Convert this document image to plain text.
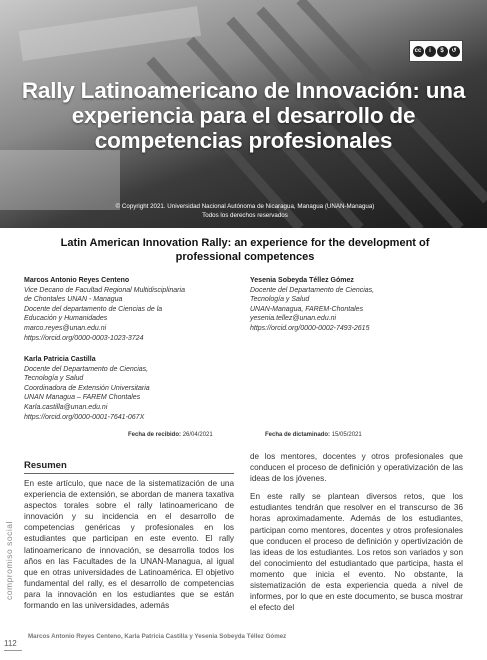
cc	i	$	↺
Rally Latinoamericano de Innovación: una experiencia para el desarrollo de competencias profesionales
© Copyright 2021. Universidad Nacional Autónoma de Nicaragua, Managua (UNAN-Managua)
Todos los derechos reservados
Latin American Innovation Rally: an experience for the development of professional competences
Marcos Antonio Reyes Centeno
Vice Decano de Facultad Regional Multidisciplinaria
de Chontales UNAN - Managua
Docente del departamento de Ciencias de la
Educación y Humanidades
marco.reyes@unan.edu.ni
https://orcid.org/0000-0003-1023-3724
Yesenia Sobeyda Téllez Gómez
Docente del Departamento de Ciencias,
Tecnología y Salud
UNAN-Managua, FAREM-Chontales
yesenia.tellez@unan.edu.ni
https://orcid.org/0000-0002-7493-2615
Karla Patricia Castilla
Docente del Departamento de Ciencias,
Tecnología y Salud
Coordinadora de Extensión Universitaria
UNAN Managua – FAREM Chontales
Karla.castilla@unan.edu.ni
https://orcid.org/0000-0001-7641-067X
Fecha de recibido: 26/04/2021	Fecha de dictaminado: 15/05/2021
Resumen

En este artículo, que nace de la sistematización de una experiencia de extensión, se abordan de manera taxativa aspectos torales sobre el rally latinoamericano de innovación y su incidencia en el desarrollo de competencias genéricas y profesionales en los estudiantes que participan en este evento. El rally latinoamericano de innovación, se desarrolla todos los años en las Facultades de la UNAN-Managua, al igual que en otras universidades de Latinoamérica. El objetivo fundamental del rally, es el desarrollo de competencias para la innovación en los estudiantes que se están formando en las universidades, además

de los mentores, docentes y otros profesionales que conducen el proceso de definición y operativización de las ideas de los jóvenes.

En este rally se plantean diversos retos, que los estudiantes tendrán que resolver en el transcurso de 36 horas aproximadamente. Además de los estudiantes, participan como mentores, docentes y otros profesionales que conducen el proceso de definición y opertivización de las ideas de los estudiantes. Los retos son variados y son del conocimiento del estudiantado que participa, hasta el momento que inicia el evento. No obstante, la sistematización de esta experiencia queda a nivel de informes, por lo que en este documento, se busca mostrar el efecto del

compromiso social
Marcos Antonio Reyes Centeno, Karla Patricia Castilla y Yesenia Sobeyda Téllez Gómez
112
